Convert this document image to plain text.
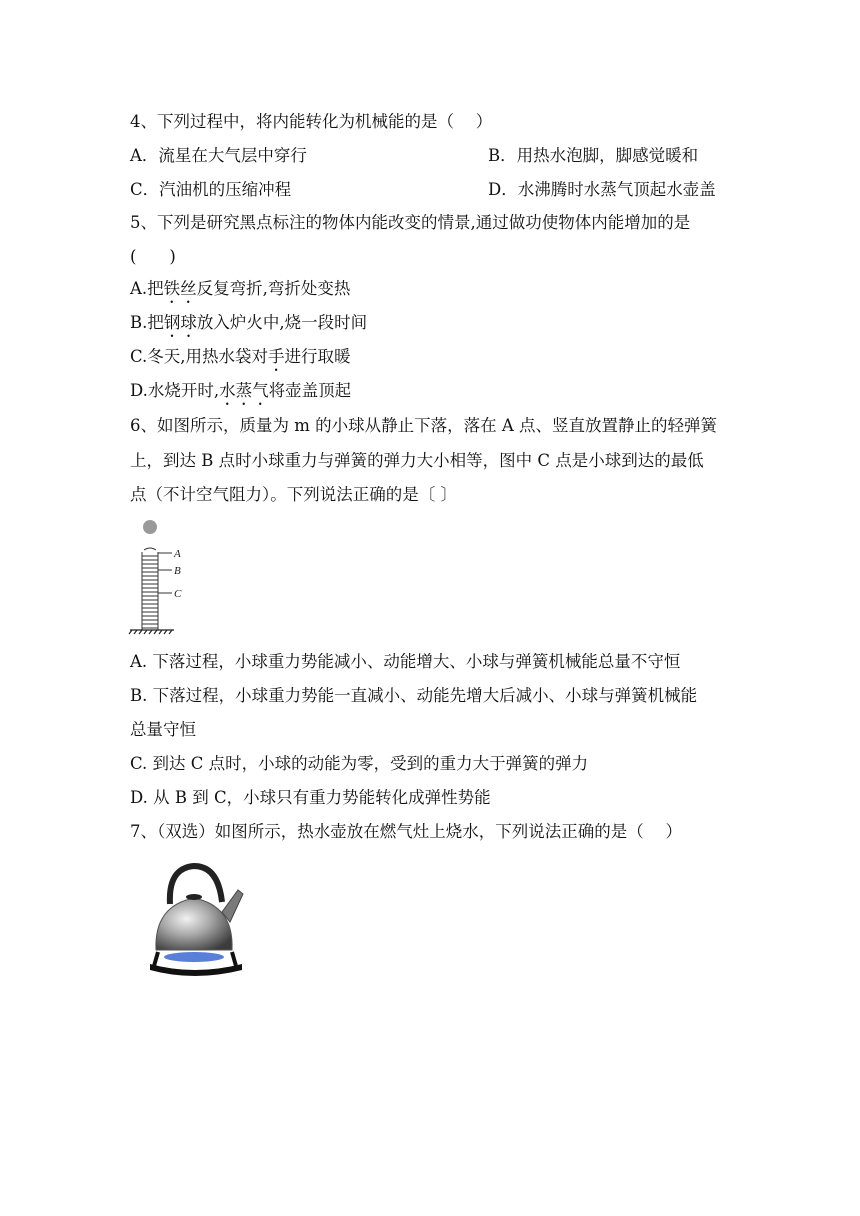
4、下列过程中，将内能转化为机械能的是（　 ）
A．流星在大气层中穿行	B．用热水泡脚，脚感觉暖和
C．汽油机的压缩冲程	D．水沸腾时水蒸气顶起水壶盖
5、下列是研究黑点标注的物体内能改变的情景,通过做功使物体内能增加的是
(　　)
A.把铁丝反复弯折,弯折处变热
B.把钢球放入炉火中,烧一段时间
C.冬天,用热水袋对手进行取暖
D.水烧开时,水蒸气将壶盖顶起
6、如图所示，质量为 m 的小球从静止下落，落在 A 点、竖直放置静止的轻弹簧
上，到达 B 点时小球重力与弹簧的弹力大小相等，图中 C 点是小球到达的最低
点（不计空气阻力）。下列说法正确的是〔 〕
A
B
C
A. 下落过程，小球重力势能减小、动能增大、小球与弹簧机械能总量不守恒
B. 下落过程，小球重力势能一直减小、动能先增大后减小、小球与弹簧机械能
总量守恒
C. 到达 C 点时，小球的动能为零，受到的重力大于弹簧的弹力
D. 从 B 到 C，小球只有重力势能转化成弹性势能
7、（双选）如图所示，热水壶放在燃气灶上烧水，下列说法正确的是（　 ）
